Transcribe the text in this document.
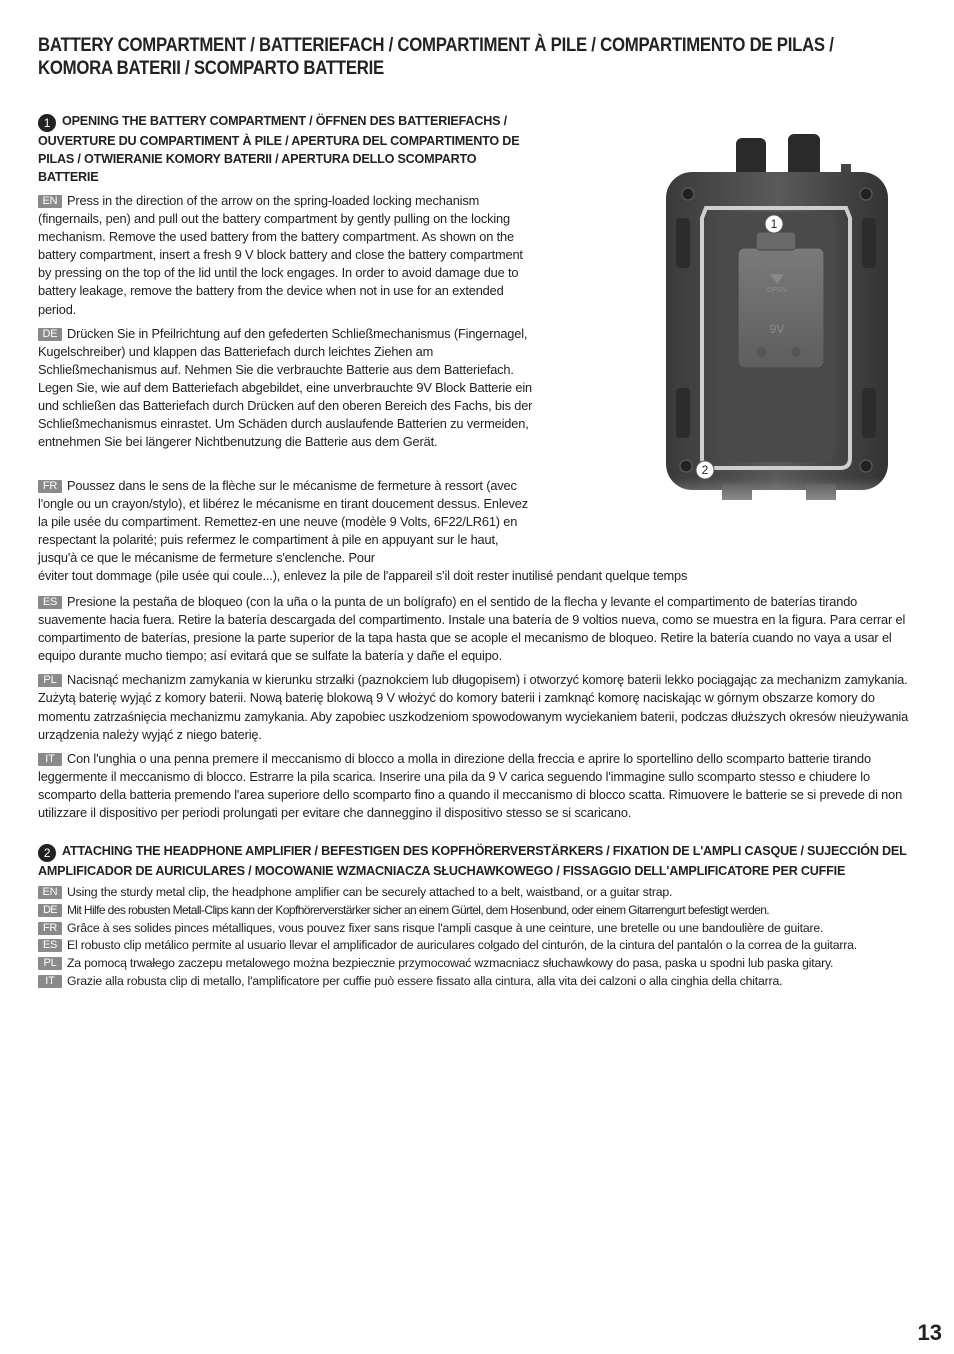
BATTERY COMPARTMENT / BATTERIEFACH / COMPARTIMENT À PILE / COMPARTIMENTO DE PILAS / KOMORA BATERII / SCOMPARTO BATTERIE

1 OPENING THE BATTERY COMPARTMENT / ÖFFNEN DES BATTERIEFACHS / OUVERTURE DU COMPARTIMENT À PILE / APERTURA DEL COMPARTIMENTO DE PILAS / OTWIERANIE KOMORY BATERII / APERTURA DELLO SCOMPARTO BATTERIE

EN Press in the direction of the arrow on the spring-loaded locking mechanism (fingernails, pen) and pull out the battery compartment by gently pulling on the locking mechanism. Remove the used battery from the battery compartment. As shown on the battery compartment, insert a fresh 9 V block battery and close the battery compartment by pressing on the top of the lid until the lock engages. In order to avoid damage due to battery leakage, remove the battery from the device when not in use for an extended period.

DE Drücken Sie in Pfeilrichtung auf den gefederten Schließmechanismus (Fingernagel, Kugelschreiber) und klappen das Batteriefach durch leichtes Ziehen am Schließmechanismus auf. Nehmen Sie die verbrauchte Batterie aus dem Batteriefach. Legen Sie, wie auf dem Batteriefach abgebildet, eine unverbrauchte 9V Block Batterie ein und schließen das Batteriefach durch Drücken auf den oberen Bereich des Fachs, bis der Schließmechanismus einrastet. Um Schäden durch auslaufende Batterien zu vermeiden, entnehmen Sie bei längerer Nichtbenutzung die Batterie aus dem Gerät.

FR Poussez dans le sens de la flèche sur le mécanisme de fermeture à ressort (avec l'ongle ou un crayon/stylo), et libérez le mécanisme en tirant doucement dessus. Enlevez la pile usée du compartiment. Remettez-en une neuve (modèle 9 Volts, 6F22/LR61) en respectant la polarité; puis refermez le compartiment à pile en appuyant sur le haut, jusqu'à ce que le mécanisme de fermeture s'enclenche. Pour

éviter tout dommage (pile usée qui coule...), enlevez la pile de l'appareil s'il doit rester inutilisé pendant quelque temps

ES Presione la pestaña de bloqueo (con la uña o la punta de un bolígrafo) en el sentido de la flecha y levante el compartimento de baterías tirando suavemente hacia fuera. Retire la batería descargada del compartimento. Instale una batería de 9 voltios nueva, como se muestra en la figura. Para cerrar el compartimento de baterías, presione la parte superior de la tapa hasta que se acople el mecanismo de bloqueo. Retire la batería cuando no vaya a usar el equipo durante mucho tiempo; así evitará que se sulfate la batería y dañe el equipo.

PL Nacisnąć mechanizm zamykania w kierunku strzałki (paznokciem lub długopisem) i otworzyć komorę baterii lekko pociągając za mechanizm zamykania. Zużytą baterię wyjąć z komory baterii. Nową baterię blokową 9 V włożyć do komory baterii i zamknąć komorę naciskając w górnym obszarze komory do momentu zatrzaśnięcia mechanizmu zamykania. Aby zapobiec uszkodzeniom spowodowanym wyciekaniem baterii, podczas dłuższych okresów nieużywania urządzenia należy wyjąć z niego baterię.

IT Con l'unghia o una penna premere il meccanismo di blocco a molla in direzione della freccia e aprire lo sportellino dello scomparto batterie tirando leggermente il meccanismo di blocco. Estrarre la pila scarica. Inserire una pila da 9 V carica seguendo l'immagine sullo scomparto stesso e chiudere lo scomparto della batteria premendo l'area superiore dello scomparto fino a quando il meccanismo di blocco scatta. Rimuovere le batterie se si prevede di non utilizzare il dispositivo per periodi prolungati per evitare che danneggino il dispositivo stesso se si scaricano.

OPEN
9V
1
2

2 ATTACHING THE HEADPHONE AMPLIFIER / BEFESTIGEN DES KOPFHÖRERVERSTÄRKERS / FIXATION DE L'AMPLI CASQUE / SUJECCIÓN DEL AMPLIFICADOR DE AURICULARES / MOCOWANIE WZMACNIACZA SŁUCHAWKOWEGO / FISSAGGIO DELL'AMPLIFICATORE PER CUFFIE

EN Using the sturdy metal clip, the headphone amplifier can be securely attached to a belt, waistband, or a guitar strap.

DE Mit Hilfe des robusten Metall-Clips kann der Kopfhörerverstärker sicher an einem Gürtel, dem Hosenbund, oder einem Gitarrengurt befestigt werden.

FR Grâce à ses solides pinces métalliques, vous pouvez fixer sans risque l'ampli casque à une ceinture, une bretelle ou une bandoulière de guitare.

ES El robusto clip metálico permite al usuario llevar el amplificador de auriculares colgado del cinturón, de la cintura del pantalón o la correa de la guitarra.

PL Za pomocą trwałego zaczepu metalowego można bezpiecznie przymocować wzmacniacz słuchawkowy do pasa, paska u spodni lub paska gitary.

IT Grazie alla robusta clip di metallo, l'amplificatore per cuffie può essere fissato alla cintura, alla vita dei calzoni o alla cinghia della chitarra.

13
